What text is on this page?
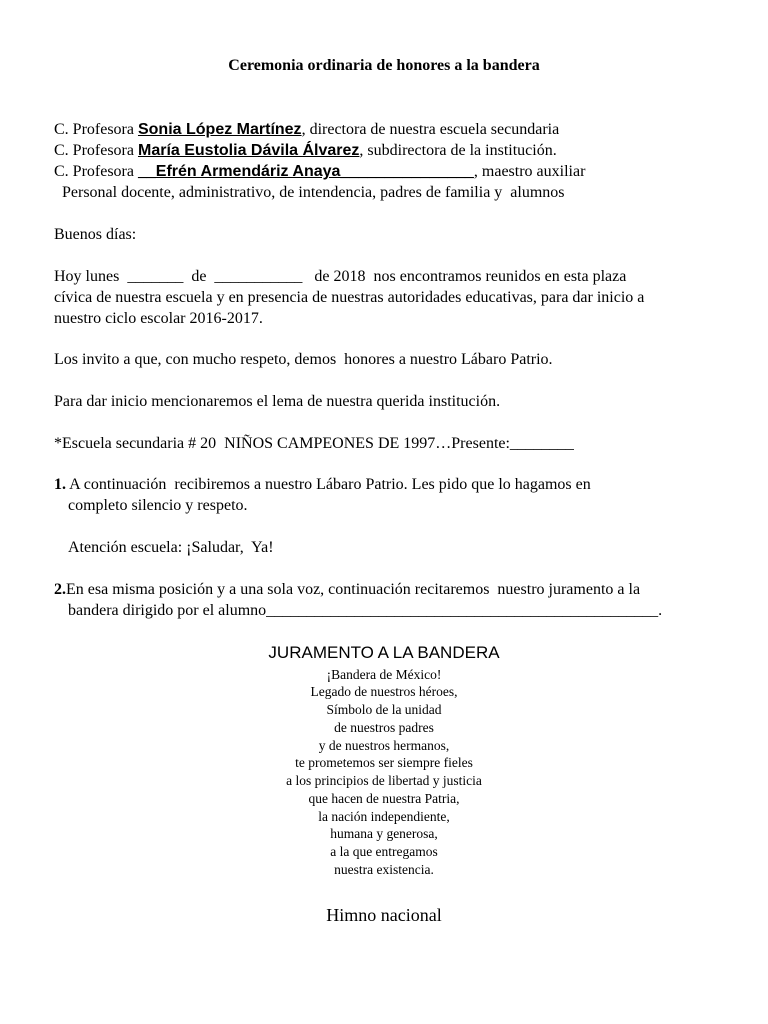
Ceremonia ordinaria de honores a la bandera
C. Profesora Sonia López Martínez, directora de nuestra escuela secundaria
C. Profesora María Eustolia Dávila Álvarez, subdirectora de la institución.
C. Profesora __Efrén Armendáriz Anaya_______________, maestro auxiliar
Personal docente, administrativo, de intendencia, padres de familia y  alumnos
Buenos días:
Hoy lunes  _______  de  ___________   de 2018  nos encontramos reunidos en esta plaza
cívica de nuestra escuela y en presencia de nuestras autoridades educativas, para dar inicio a
nuestro ciclo escolar 2016-2017.
Los invito a que, con mucho respeto, demos  honores a nuestro Lábaro Patrio.
Para dar inicio mencionaremos el lema de nuestra querida institución.
*Escuela secundaria # 20  NIÑOS CAMPEONES DE 1997…Presente:________
1. A continuación  recibiremos a nuestro Lábaro Patrio. Les pido que lo hagamos en
completo silencio y respeto.
Atención escuela: ¡Saludar,  Ya!
2.En esa misma posición y a una sola voz, continuación recitaremos  nuestro juramento a la
bandera dirigido por el alumno_________________________________________________.
JURAMENTO A LA BANDERA
¡Bandera de México!
Legado de nuestros héroes,
Símbolo de la unidad
de nuestros padres
y de nuestros hermanos,
te prometemos ser siempre fieles
a los principios de libertad y justicia
que hacen de nuestra Patria,
la nación independiente,
humana y generosa,
a la que entregamos
nuestra existencia.
Himno nacional
